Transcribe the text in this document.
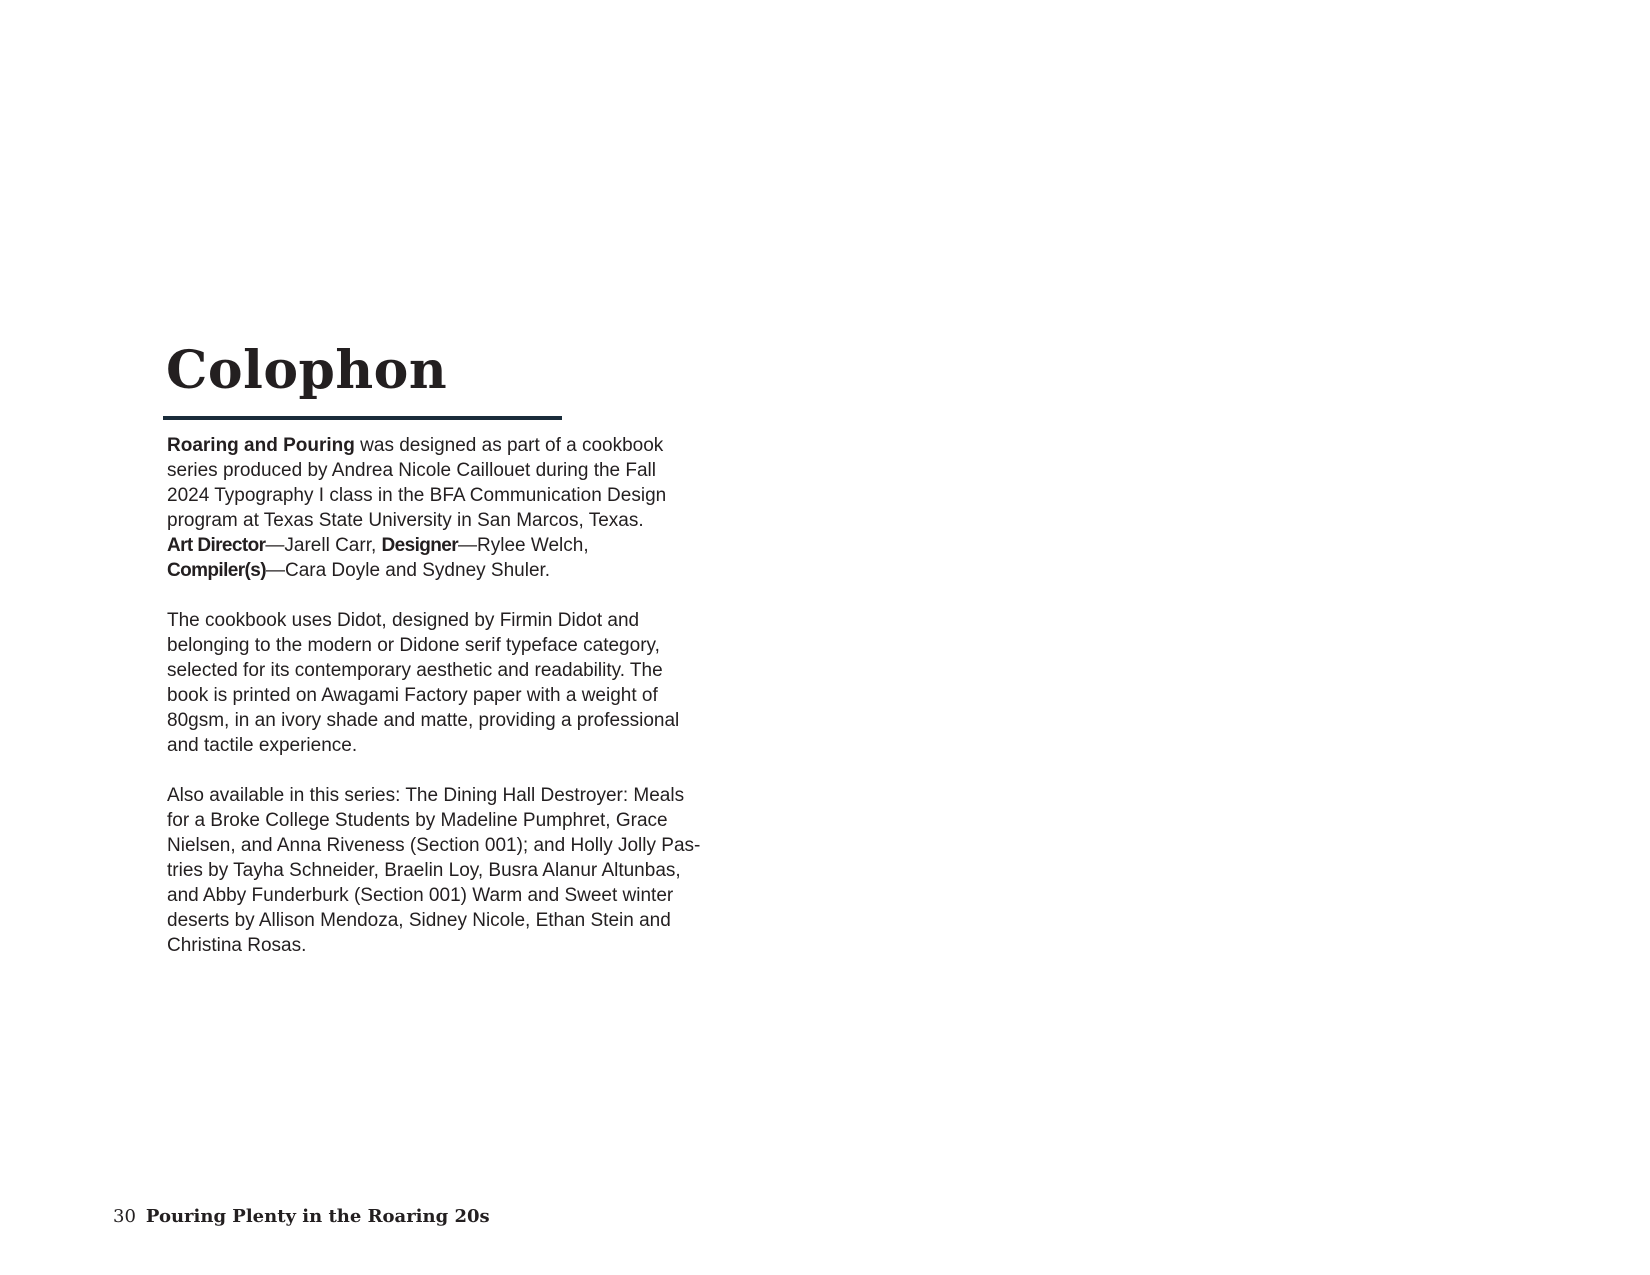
Colophon

Roaring and Pouring was designed as part of a cookbook
series produced by Andrea Nicole Caillouet during the Fall
2024 Typography I class in the BFA Communication Design
program at Texas State University in San Marcos, Texas.
Art Director—Jarell Carr, Designer—Rylee Welch,
Compiler(s)—Cara Doyle and Sydney Shuler.

The cookbook uses Didot, designed by Firmin Didot and
belonging to the modern or Didone serif typeface category,
selected for its contemporary aesthetic and readability. The
book is printed on Awagami Factory paper with a weight of
80gsm, in an ivory shade and matte, providing a professional
and tactile experience.

Also available in this series: The Dining Hall Destroyer: Meals
for a Broke College Students by Madeline Pumphret, Grace
Nielsen, and Anna Riveness (Section 001); and Holly Jolly Pas-
tries by Tayha Schneider, Braelin Loy, Busra Alanur Altunbas,
and Abby Funderburk (Section 001) Warm and Sweet winter
deserts by Allison Mendoza, Sidney Nicole, Ethan Stein and
Christina Rosas.

30 Pouring Plenty in the Roaring 20s
